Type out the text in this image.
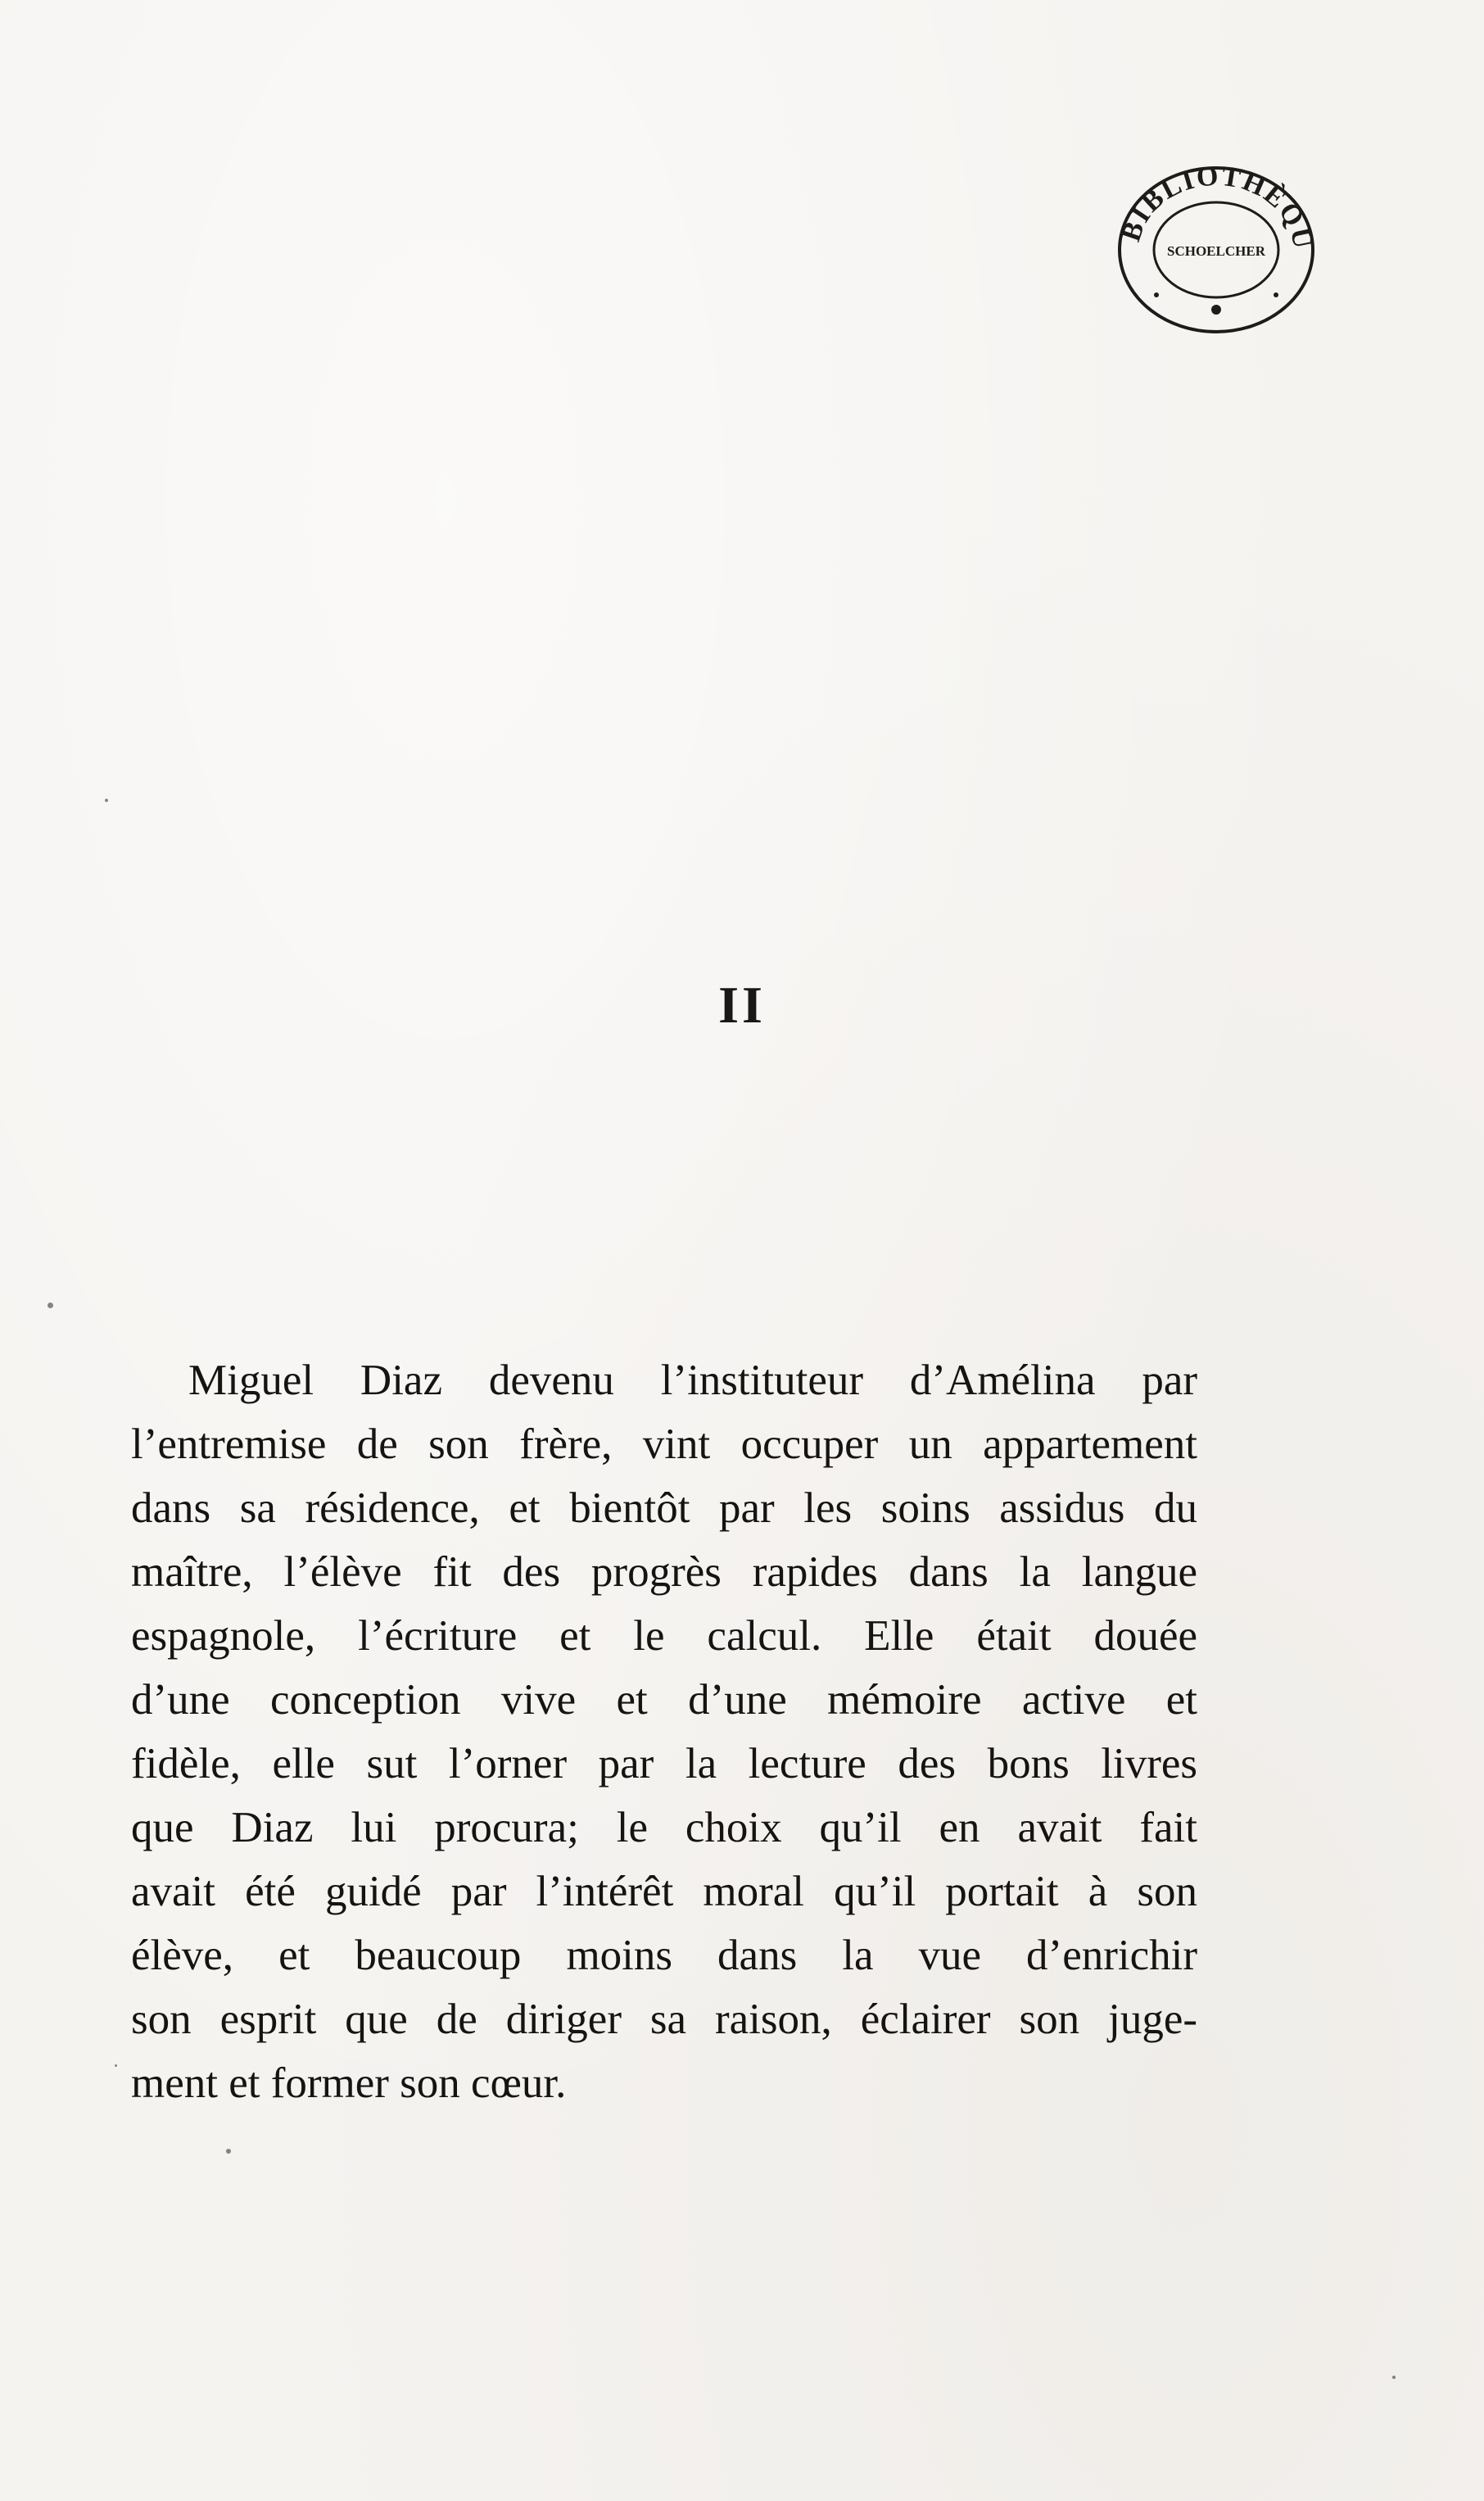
BIBLIOTHÈQU
SCHOELCHER
II
Miguel Diaz devenu l’instituteur d’Amélina par
l’entremise de son frère, vint occuper un appartement
dans sa résidence, et bientôt par les soins assidus du
maître, l’élève fit des progrès rapides dans la langue
espagnole, l’écriture et le calcul. Elle était douée
d’une conception vive et d’une mémoire active et
fidèle, elle sut l’orner par la lecture des bons livres
que Diaz lui procura; le choix qu’il en avait fait
avait été guidé par l’intérêt moral qu’il portait à son
élève, et beaucoup moins dans la vue d’enrichir
son esprit que de diriger sa raison, éclairer son juge-
ment et former son cœur.
